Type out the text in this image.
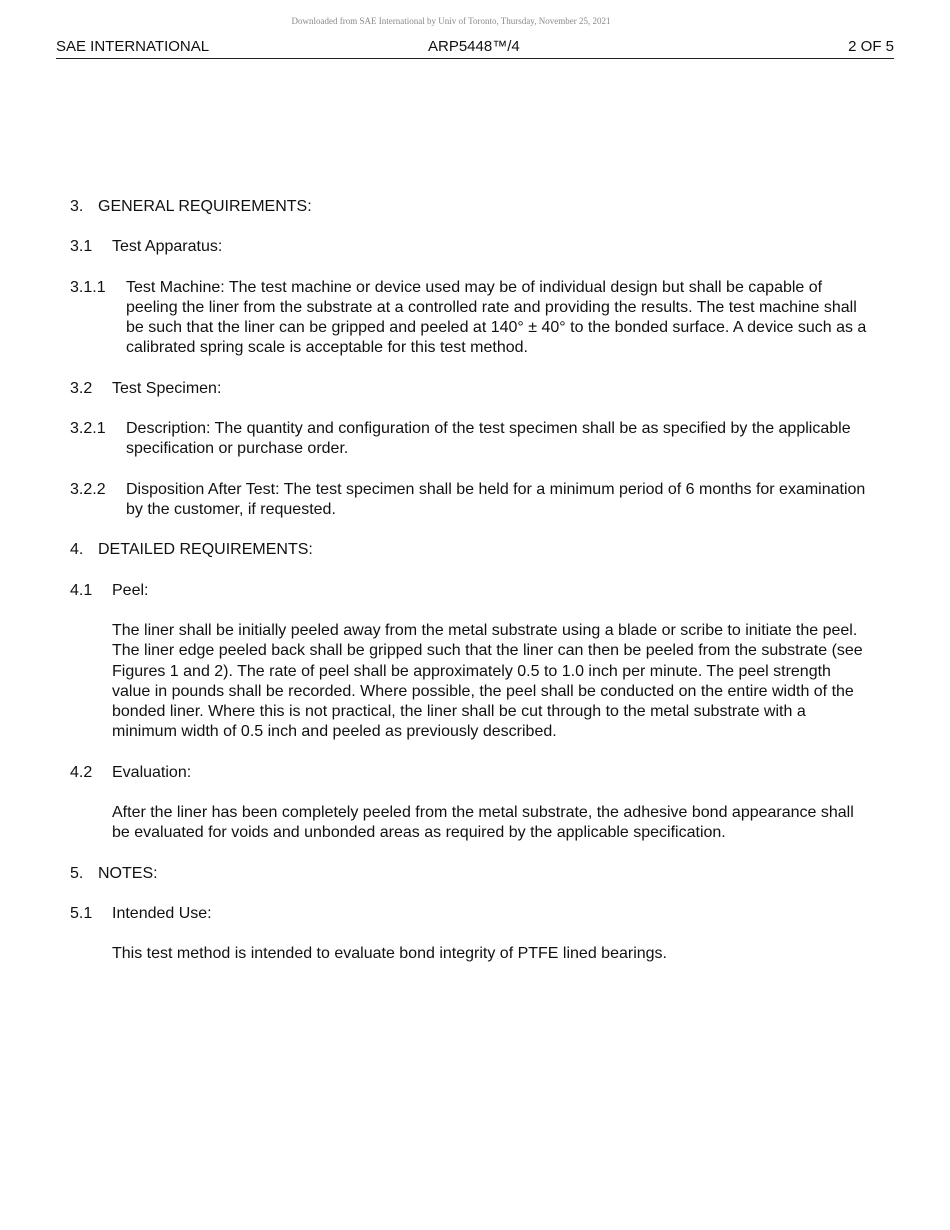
Downloaded from SAE International by Univ of Toronto, Thursday, November 25, 2021
SAE INTERNATIONAL	ARP5448™/4	2 OF 5
3. GENERAL REQUIREMENTS:
3.1	Test Apparatus:
3.1.1	Test Machine: The test machine or device used may be of individual design but shall be capable of peeling the liner from the substrate at a controlled rate and providing the results. The test machine shall be such that the liner can be gripped and peeled at 140° ± 40° to the bonded surface. A device such as a calibrated spring scale is acceptable for this test method.
3.2	Test Specimen:
3.2.1	Description: The quantity and configuration of the test specimen shall be as specified by the applicable specification or purchase order.
3.2.2	Disposition After Test: The test specimen shall be held for a minimum period of 6 months for examination by the customer, if requested.
4. DETAILED REQUIREMENTS:
4.1	Peel:
The liner shall be initially peeled away from the metal substrate using a blade or scribe to initiate the peel. The liner edge peeled back shall be gripped such that the liner can then be peeled from the substrate (see Figures 1 and 2). The rate of peel shall be approximately 0.5 to 1.0 inch per minute. The peel strength value in pounds shall be recorded. Where possible, the peel shall be conducted on the entire width of the bonded liner. Where this is not practical, the liner shall be cut through to the metal substrate with a minimum width of 0.5 inch and peeled as previously described.
4.2	Evaluation:
After the liner has been completely peeled from the metal substrate, the adhesive bond appearance shall be evaluated for voids and unbonded areas as required by the applicable specification.
5. NOTES:
5.1	Intended Use:
This test method is intended to evaluate bond integrity of PTFE lined bearings.
